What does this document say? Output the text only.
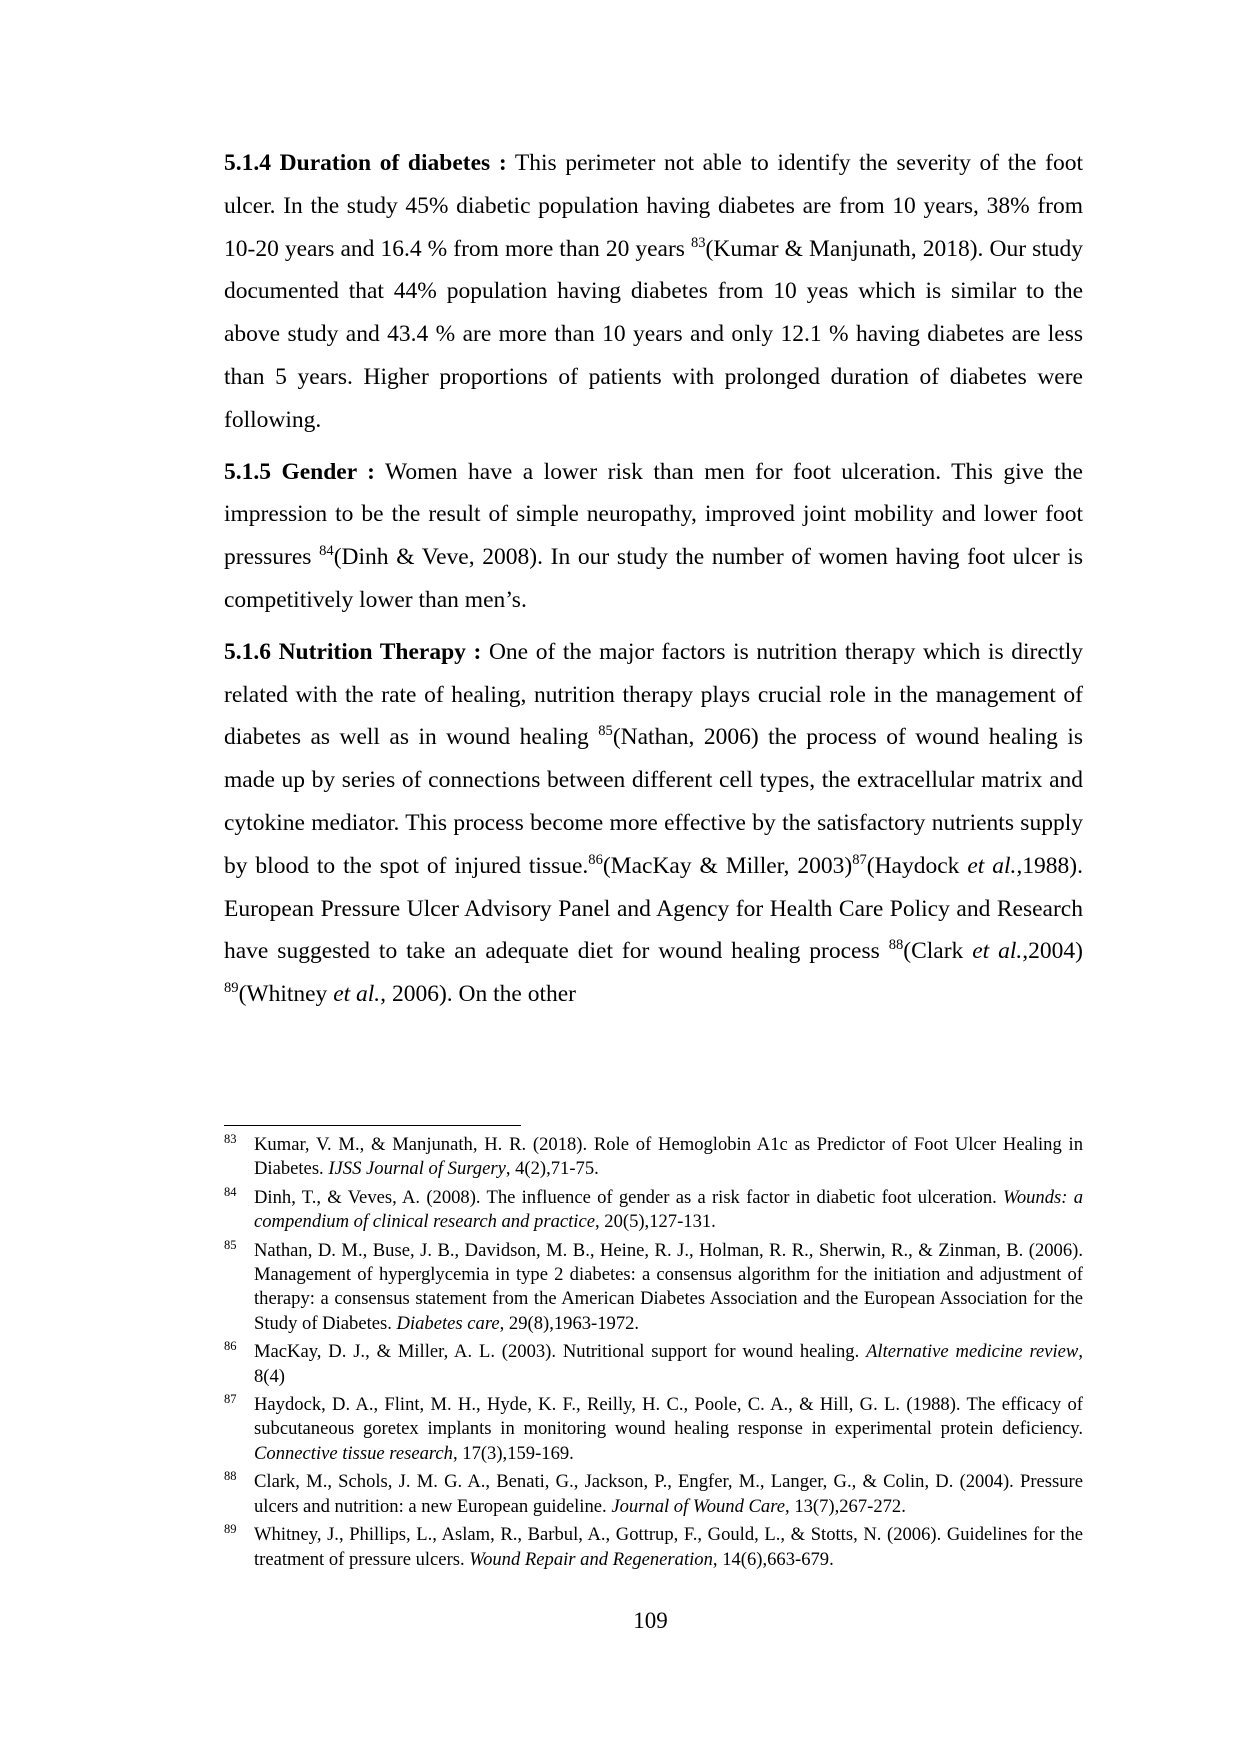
5.1.4 Duration of diabetes : This perimeter not able to identify the severity of the foot ulcer. In the study 45% diabetic population having diabetes are from 10 years, 38% from 10-20 years and 16.4 % from more than 20 years $^{83}$(Kumar & Manjunath, 2018). Our study documented that 44% population having diabetes from 10 yeas which is similar to the above study and 43.4 % are more than 10 years and only 12.1 % having diabetes are less than 5 years. Higher proportions of patients with prolonged duration of diabetes were following.

5.1.5 Gender : Women have a lower risk than men for foot ulceration. This give the impression to be the result of simple neuropathy, improved joint mobility and lower foot pressures $^{84}$(Dinh & Veve, 2008). In our study the number of women having foot ulcer is competitively lower than men’s.

5.1.6 Nutrition Therapy : One of the major factors is nutrition therapy which is directly related with the rate of healing, nutrition therapy plays crucial role in the management of diabetes as well as in wound healing $^{85}$(Nathan, 2006) the process of wound healing is made up by series of connections between different cell types, the extracellular matrix and cytokine mediator. This process become more effective by the satisfactory nutrients supply by blood to the spot of injured tissue.$^{86}$(MacKay & Miller, 2003)$^{87}$(Haydock et al.,1988). European Pressure Ulcer Advisory Panel and Agency for Health Care Policy and Research have suggested to take an adequate diet for wound healing process $^{88}$(Clark et al.,2004) $^{89}$(Whitney et al., 2006). On the other

83 Kumar, V. M., & Manjunath, H. R. (2018). Role of Hemoglobin A1c as Predictor of Foot Ulcer Healing in Diabetes. IJSS Journal of Surgery, 4(2),71-75.
84 Dinh, T., & Veves, A. (2008). The influence of gender as a risk factor in diabetic foot ulceration. Wounds: a compendium of clinical research and practice, 20(5),127-131.
85 Nathan, D. M., Buse, J. B., Davidson, M. B., Heine, R. J., Holman, R. R., Sherwin, R., & Zinman, B. (2006). Management of hyperglycemia in type 2 diabetes: a consensus algorithm for the initiation and adjustment of therapy: a consensus statement from the American Diabetes Association and the European Association for the Study of Diabetes. Diabetes care, 29(8),1963-1972.
86 MacKay, D. J., & Miller, A. L. (2003). Nutritional support for wound healing. Alternative medicine review, 8(4)
87 Haydock, D. A., Flint, M. H., Hyde, K. F., Reilly, H. C., Poole, C. A., & Hill, G. L. (1988). The efficacy of subcutaneous goretex implants in monitoring wound healing response in experimental protein deficiency. Connective tissue research, 17(3),159-169.
88 Clark, M., Schols, J. M. G. A., Benati, G., Jackson, P., Engfer, M., Langer, G., & Colin, D. (2004). Pressure ulcers and nutrition: a new European guideline. Journal of Wound Care, 13(7),267-272.
89 Whitney, J., Phillips, L., Aslam, R., Barbul, A., Gottrup, F., Gould, L., & Stotts, N. (2006). Guidelines for the treatment of pressure ulcers. Wound Repair and Regeneration, 14(6),663-679.
109
